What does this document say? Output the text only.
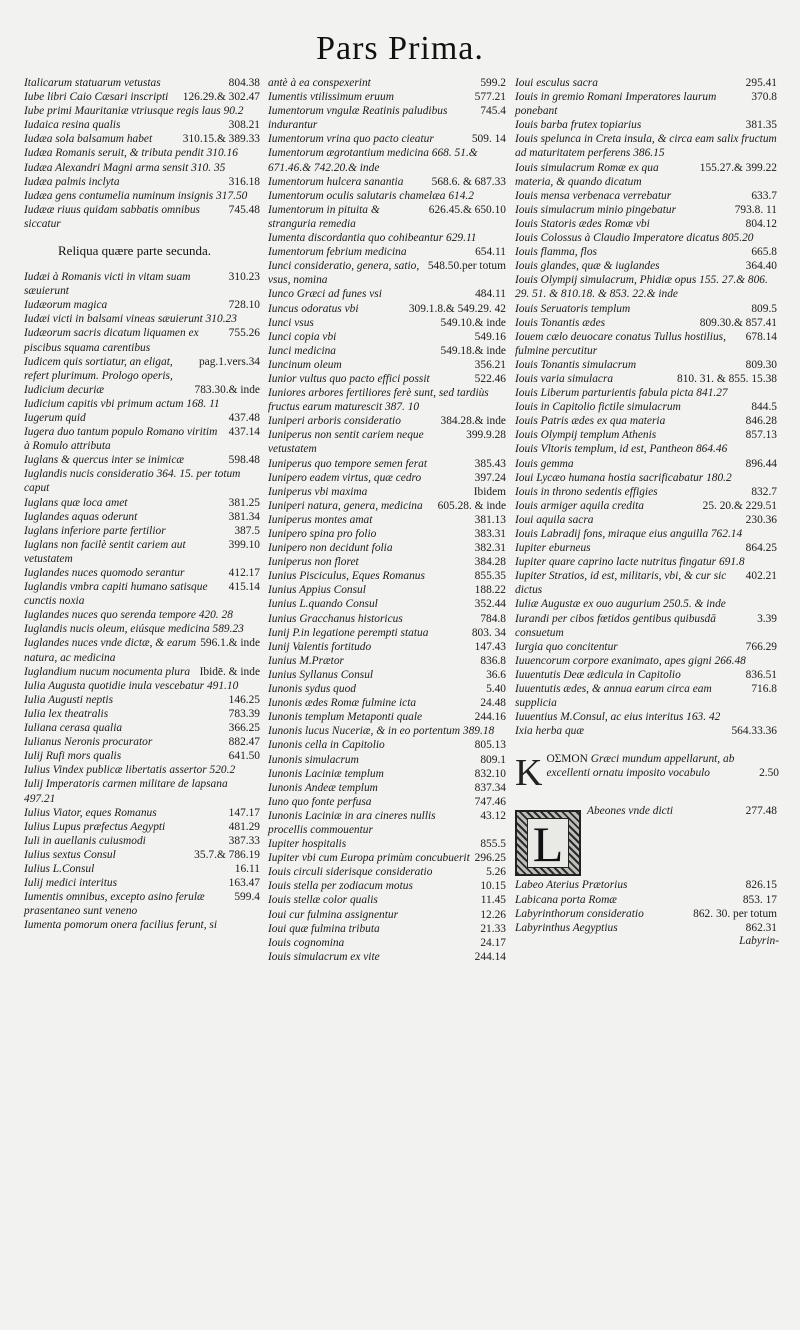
Pars Prima.
804.38
Italicarum statuarum vetustas
126.29.& 302.47
Iube libri Caio Cæsari inscripti
Iube primi Mauritaniæ vtriusque regis laus 90.2
308.21
Iudaica resina qualis
310.15.& 389.33
Iudæa sola balsamum habet
Iudæa Romanis seruit, & tributa pendit 310.16
Iudæa Alexandri Magni arma sensit 310. 35
316.18
Iudæa palmis inclyta
Iudæa gens contumelia numinum insignis 317.50
745.48
Iudææ riuus quidam sabbatis omnibus siccatur
Reliqua quære parte secunda.
310.23
Iudæi à Romanis victi in vitam suam sæuierunt
728.10
Iudæorum magica
Iudæi victi in balsami vineas sæuierunt 310.23
755.26
Iudæorum sacris dicatum liquamen ex piscibus squama carentibus
pag.1.vers.34
Iudicem quis sortiatur, an eligat, refert plurimum. Prologo operis,
783.30.& inde
Iudicium decuriæ
Iudicium capitis vbi primum actum 168. 11
437.48
Iugerum quid
437.14
Iugera duo tantum populo Romano viritim à Romulo attributa
598.48
Iuglans & quercus inter se inimicæ
Iuglandis nucis consideratio 364. 15. per totum caput
381.25
Iuglans quæ loca amet
381.34
Iuglandes aquas oderunt
387.5
Iuglans inferiore parte fertilior
399.10
Iuglans non facilè sentit cariem aut vetustatem
412.17
Iuglandes nuces quomodo serantur
415.14
Iuglandis vmbra capiti humano satisque cunctis noxia
Iuglandes nuces quo serenda tempore 420. 28
Iuglandis nucis oleum, eiúsque medicina 589.23
596.1.& inde
Iuglandes nuces vnde dictæ, & earum natura, ac medicina
Ibidē. & inde
Iuglandium nucum nocumenta plura
Iulia Augusta quotidie inula vescebatur 491.10
146.25
Iulia Augusti neptis
783.39
Iulia lex theatralis
366.25
Iuliana cerasa qualia
882.47
Iulianus Neronis procurator
641.50
Iulij Rufi mors qualis
Iulius Vindex publicæ libertatis assertor 520.2
Iulij Imperatoris carmen militare de lapsana 497.21
147.17
Iulius Viator, eques Romanus
481.29
Iulius Lupus præfectus Aegypti
387.33
Iuli in auellanis cuiusmodi
35.7.& 786.19
Iulius sextus Consul
16.11
Iulius L.Consul
163.47
Iulij medici interitus
599.4
Iumentis omnibus, excepto asino ferulæ prasentaneo sunt veneno
Iumenta pomorum onera facilius ferunt, si
599.2
antè à ea conspexerint
577.21
Iumentis vtilissimum eruum
745.4
Iumentorum vngulæ Reatinis paludibus indurantur
509. 14
Iumentorum vrina quo pacto cieatur
Iumentorum ægrotantium medicina 668. 51.& 671.46.& 742.20.& inde
568.6. & 687.33
Iumentorum hulcera sanantia
Iumentorum oculis salutaris chamelæa 614.2
626.45.& 650.10
Iumentorum in pituita & stranguria remedia
Iumenta discordantia quo cohibeantur 629.11
654.11
Iumentorum febrium medicina
548.50.per totum
Iunci consideratio, genera, satio, vsus, nomina
484.11
Iunco Græci ad funes vsi
309.1.8.& 549.29. 42
Iuncus odoratus vbi
549.10.& inde
Iunci vsus
549.16
Iunci copia vbi
549.18.& inde
Iunci medicina
356.21
Iuncinum oleum
522.46
Iunior vultus quo pacto effici possit
Iuniores arbores fertiliores ferè sunt, sed tardiùs fructus earum maturescit 387. 10
384.28.& inde
Iuniperi arboris consideratio
399.9.28
Iuniperus non sentit cariem neque vetustatem
385.43
Iuniperus quo tempore semen ferat
397.24
Iunipero eadem virtus, quæ cedro
Ibidem
Iuniperus vbi maxima
605.28. & inde
Iuniperi natura, genera, medicina
381.13
Iuniperus montes amat
383.31
Iunipero spina pro folio
382.31
Iunipero non decidunt folia
384.28
Iuniperus non floret
855.35
Iunius Pisciculus, Eques Romanus
188.22
Iunius Appius Consul
352.44
Iunius L.quando Consul
784.8
Iunius Gracchanus historicus
803. 34
Iunij P.in legatione perempti statua
147.43
Iunij Valentis fortitudo
836.8
Iunius M.Prætor
36.6
Iunius Syllanus Consul
5.40
Iunonis sydus quod
24.48
Iunonis ædes Romæ fulmine icta
244.16
Iunonis templum Metaponti quale
Iunonis lucus Nuceriæ, & in eo portentum 389.18
805.13
Iunonis cella in Capitolio
809.1
Iunonis simulacrum
832.10
Iunonis Laciniæ templum
837.34
Iunonis Andeæ templum
747.46
Iuno quo fonte perfusa
43.12
Iunonis Laciniæ in ara cineres nullis procellis commouentur
855.5
Iupiter hospitalis
296.25
Iupiter vbi cum Europa primùm concubuerit
5.26
Iouis circuli siderisque consideratio
10.15
Iouis stella per zodiacum motus
11.45
Iouis stellæ color qualis
12.26
Ioui cur fulmina assignentur
21.33
Ioui quæ fulmina tributa
24.17
Iouis cognomina
244.14
Iouis simulacrum ex vite
295.41
Ioui esculus sacra
370.8
Iouis in gremio Romani Imperatores laurum ponebant
381.35
Iouis barba frutex topiarius
Iouis spelunca in Creta insula, & circa eam salix fructum ad maturitatem perferens 386.15
155.27.& 399.22
Iouis simulacrum Romæ ex qua materia, & quando dicatum
633.7
Iouis mensa verbenaca verrebatur
793.8. 11
Iouis simulacrum minio pingebatur
804.12
Iouis Statoris ædes Romæ vbi
Iouis Colossus à Claudio Imperatore dicatus 805.20
665.8
Iouis flamma, flos
364.40
Iouis glandes, quæ & iuglandes
Iouis Olympij simulacrum, Phidiæ opus 155. 27.& 806. 29. 51. & 810.18. & 853. 22.& inde
809.5
Iouis Seruatoris templum
809.30.& 857.41
Iouis Tonantis ædes
678.14
Iouem cælo deuocare conatus Tullus hostilius, fulmine percutitur
809.30
Iouis Tonantis simulacrum
810. 31. & 855. 15.38
Iouis varia simulacra
Iouis Liberum parturientis fabula picta 841.27
844.5
Iouis in Capitolio fictile simulacrum
846.28
Iouis Patris ædes ex qua materia
857.13
Iouis Olympij templum Athenis
Iouis Vltoris templum, id est, Pantheon 864.46
896.44
Iouis gemma
Ioui Lycæo humana hostia sacrificabatur 180.2
832.7
Iouis in throno sedentis effigies
25. 20.& 229.51
Iouis armiger aquila credita
230.36
Ioui aquila sacra
Iouis Labradij fons, miraque eius anguilla 762.14
864.25
Iupiter eburneus
Iupiter quare caprino lacte nutritus fingatur 691.8
402.21
Iupiter Stratios, id est, militaris, vbi, & cur sic dictus
Iuliæ Augustæ ex ouo augurium 250.5. & inde
3.39
Iurandi per cibos fœtidos gentibus quibusdā consuetum
766.29
Iurgia quo concitentur
Iuuencorum corpore exanimato, apes gigni 266.48
836.51
Iuuentutis Deæ ædicula in Capitolio
716.8
Iuuentutis ædes, & annua earum circa eam supplicia
Iuuentius M.Consul, ac eius interitus 163. 42
564.33.36
Ixia herba quæ
K ΟΣΜΟΝ Græci mundum appellarunt, ab excellenti ornatu imposito vocabulo	2.50
L
277.48
Abeones vnde dicti
826.15
Labeo Aterius Prætorius
853. 17
Labicana porta Romæ
862. 30. per totum
Labyrinthorum consideratio
862.31
Labyrinthus Aegyptius
Labyrin-
